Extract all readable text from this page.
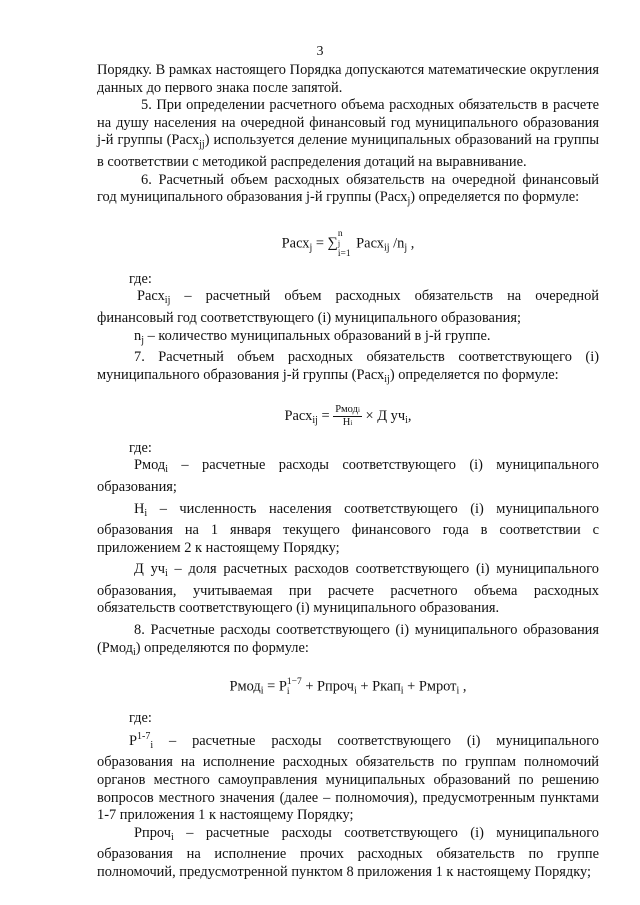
3

Порядку. В рамках настоящего Порядка допускаются математические округления данных до первого знака после запятой.

5. При определении расчетного объема расходных обязательств в расчете на душу населения на очередной финансовый год муниципального образования j-й группы (Расх$_{jj}$) используется деление муниципальных образований на группы в соответствии с методикой распределения дотаций на выравнивание.

6. Расчетный объем расходных обязательств на очередной финансовый год муниципального образования j-й группы (Расх$_j$) определяется по формуле:

Расх$_j$ = ∑
n
j
i=1
Расх$_{ij}$ $/n_j$ ,

где:

Расх$_{ij}$ – расчетный объем расходных обязательств на очередной финансовый год соответствующего (i) муниципального образования;

$n_j$ – количество муниципальных образований в j-й группе.

7. Расчетный объем расходных обязательств соответствующего (i) муниципального образования j-й группы (Расх$_{ij}$) определяется по формуле:

Расх$_{ij}$ = $\frac{\text{Рмодi}}{Нi} \times Д$ $уч_i$,

где:

Рмод$_i$ – расчетные расходы соответствующего (i) муниципального образования;

$Н_i$ – численность населения соответствующего (i) муниципального образования на 1 января текущего финансового года в соответствии с приложением 2 к настоящему Порядку;

Д $уч_i$ – доля расчетных расходов соответствующего (i) муниципального образования, учитываемая при расчете расчетного объема расходных обязательств соответствующего (i) муниципального образования.

8. Расчетные расходы соответствующего (i) муниципального образования (Рмод$_i$) определяются по формуле:

Рмод$_i$ = Р 1−7
i + Рпроч$_i$ + Ркап$_i$ + Рмрот$_i$ ,

где:

$Р^{1-7}_i$ – расчетные расходы соответствующего (i) муниципального образования на исполнение расходных обязательств по группам полномочий органов местного самоуправления муниципальных образований по решению вопросов местного значения (далее – полномочия), предусмотренным пунктами 1-7 приложения 1 к настоящему Порядку;

Рпроч$_i$ – расчетные расходы соответствующего (i) муниципального образования на исполнение прочих расходных обязательств по группе полномочий, предусмотренной пунктом 8 приложения 1 к настоящему Порядку;
